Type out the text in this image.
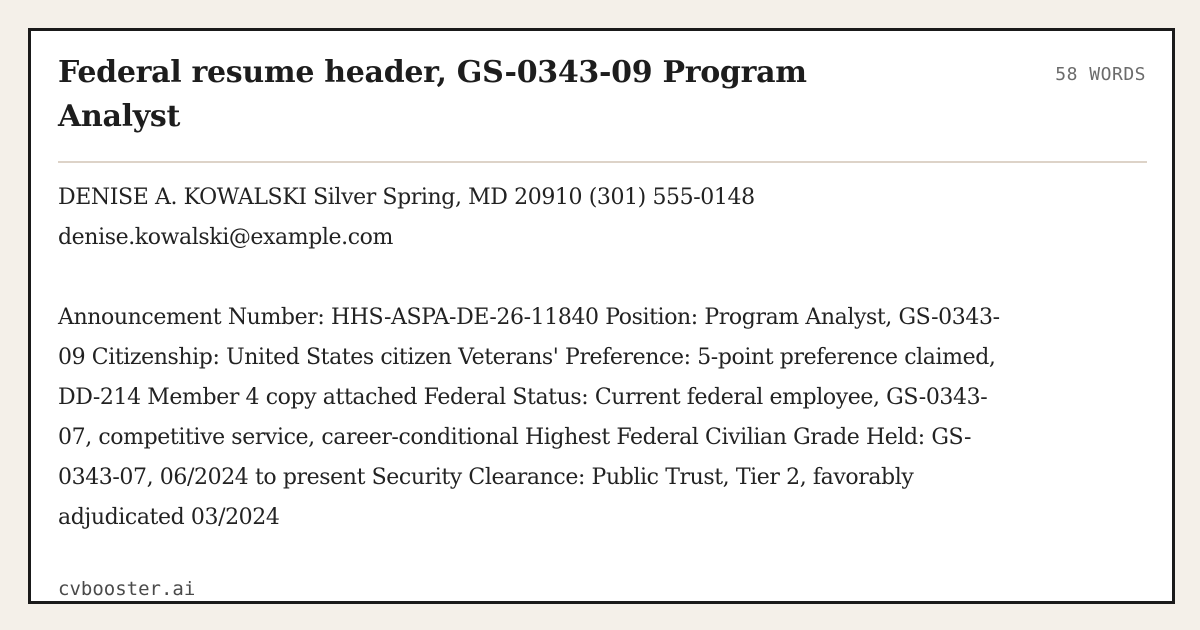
Federal resume header, GS-0343-09 Program Analyst
58 WORDS

DENISE A. KOWALSKI Silver Spring, MD 20910 (301) 555-0148 denise.kowalski@example.com

Announcement Number: HHS-ASPA-DE-26-11840 Position: Program Analyst, GS-0343-09 Citizenship: United States citizen Veterans' Preference: 5-point preference claimed, DD-214 Member 4 copy attached Federal Status: Current federal employee, GS-0343-07, competitive service, career-conditional Highest Federal Civilian Grade Held: GS-0343-07, 06/2024 to present Security Clearance: Public Trust, Tier 2, favorably adjudicated 03/2024

cvbooster.ai
